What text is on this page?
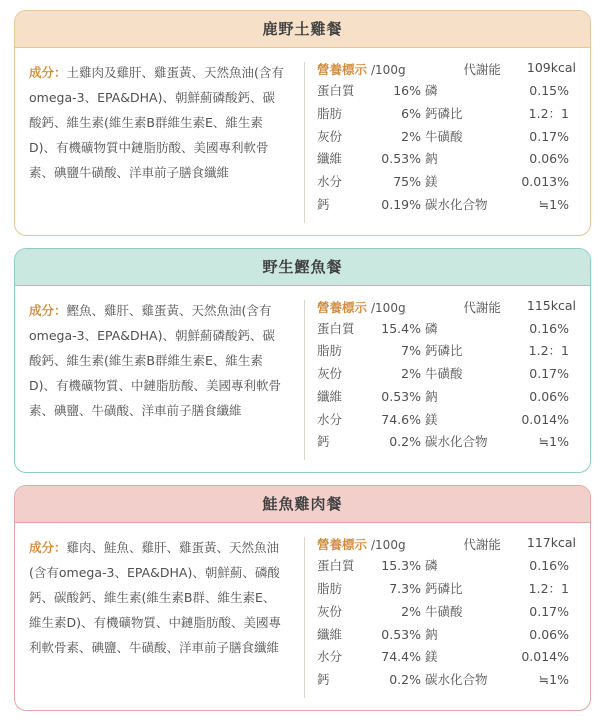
鹿野土雞餐
成分：土雞肉及雞肝、雞蛋黃、天然魚油(含有omega-3、EPA&DHA)、朝鮮薊磷酸鈣、碳酸鈣、維生素(維生素B群維生素E、維生素D)、有機礦物質中鏈脂肪酸、美國專利軟骨素、碘鹽牛磺酸、洋車前子膳食纖維
營養標示 /100g	代謝能 109kcal
蛋白質	16% 磷	0.15%
脂肪	6% 鈣磷比	1.2：1
灰份	2% 牛磺酸	0.17%
纖維	0.53% 鈉	0.06%
水分	75% 鎂	0.013%
鈣	0.19% 碳水化合物	≒1%
野生鰹魚餐
成分：鰹魚、雞肝、雞蛋黃、天然魚油(含有omega-3、EPA&DHA)、朝鮮薊磷酸鈣、碳酸鈣、維生素(維生素B群維生素E、維生素D)、有機礦物質、中鏈脂肪酸、美國專利軟骨素、碘鹽、牛磺酸、洋車前子膳食纖維
營養標示 /100g	代謝能 115kcal
蛋白質	15.4% 磷	0.16%
脂肪	7% 鈣磷比	1.2：1
灰份	2% 牛磺酸	0.17%
纖維	0.53% 鈉	0.06%
水分	74.6% 鎂	0.014%
鈣	0.2% 碳水化合物	≒1%
鮭魚雞肉餐
成分：雞肉、鮭魚、雞肝、雞蛋黃、天然魚油(含有omega-3、EPA&DHA)、朝鮮薊、磷酸鈣、碳酸鈣、維生素(維生素B群、維生素E、維生素D)、有機礦物質、中鏈脂肪酸、美國專利軟骨素、碘鹽、牛磺酸、洋車前子膳食纖維
營養標示 /100g	代謝能 117kcal
蛋白質	15.3% 磷	0.16%
脂肪	7.3% 鈣磷比	1.2：1
灰份	2% 牛磺酸	0.17%
纖維	0.53% 鈉	0.06%
水分	74.4% 鎂	0.014%
鈣	0.2% 碳水化合物	≒1%
